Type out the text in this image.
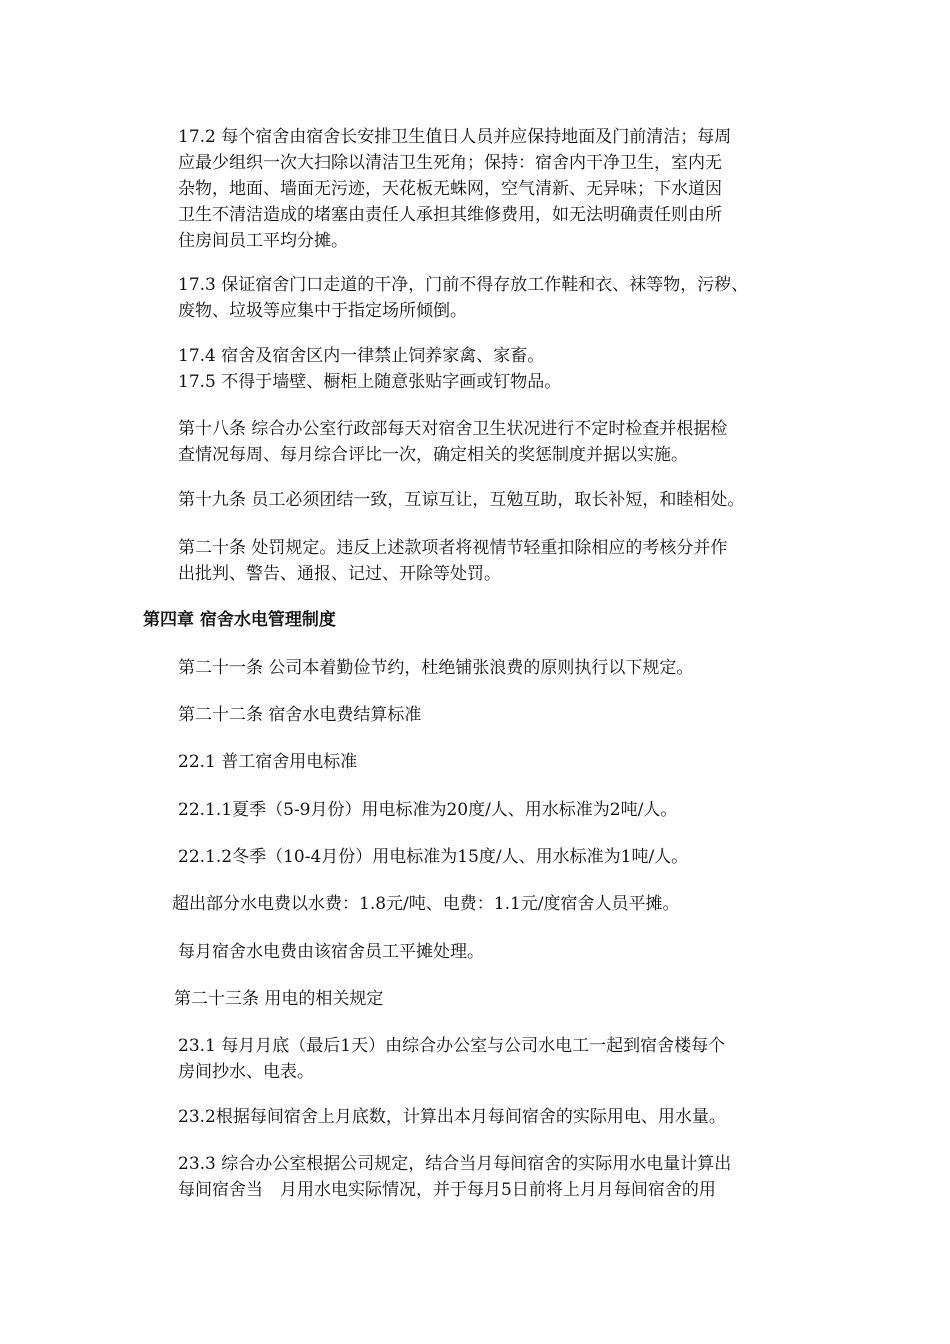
17.2 每个宿舍由宿舍长安排卫生值日人员并应保持地面及门前清洁；每周
应最少组织一次大扫除以清洁卫生死角；保持：宿舍内干净卫生，室内无
杂物，地面、墙面无污迹，天花板无蛛网，空气清新、无异味；下水道因
卫生不清洁造成的堵塞由责任人承担其维修费用，如无法明确责任则由所
住房间员工平均分摊。
17.3 保证宿舍门口走道的干净，门前不得存放工作鞋和衣、袜等物，污秽、
废物、垃圾等应集中于指定场所倾倒。
17.4 宿舍及宿舍区内一律禁止饲养家禽、家畜。
17.5 不得于墙壁、橱柜上随意张贴字画或钉物品。
第十八条 综合办公室行政部每天对宿舍卫生状况进行不定时检查并根据检
查情况每周、每月综合评比一次，确定相关的奖惩制度并据以实施。
第十九条 员工必须团结一致，互谅互让，互勉互助，取长补短，和睦相处。
第二十条 处罚规定。违反上述款项者将视情节轻重扣除相应的考核分并作
出批判、警告、通报、记过、开除等处罚。
第四章 宿舍水电管理制度
第二十一条 公司本着勤俭节约，杜绝铺张浪费的原则执行以下规定。
第二十二条 宿舍水电费结算标准
22.1 普工宿舍用电标准
22.1.1夏季（5-9月份）用电标准为20度/人、用水标准为2吨/人。
22.1.2冬季（10-4月份）用电标准为15度/人、用水标准为1吨/人。
超出部分水电费以水费：1.8元/吨、电费：1.1元/度宿舍人员平摊。
每月宿舍水电费由该宿舍员工平摊处理。
第二十三条 用电的相关规定
23.1 每月月底（最后1天）由综合办公室与公司水电工一起到宿舍楼每个
房间抄水、电表。
23.2根据每间宿舍上月底数，计算出本月每间宿舍的实际用电、用水量。
23.3 综合办公室根据公司规定，结合当月每间宿舍的实际用水电量计算出
每间宿舍当　月用水电实际情况，并于每月5日前将上月月每间宿舍的用
